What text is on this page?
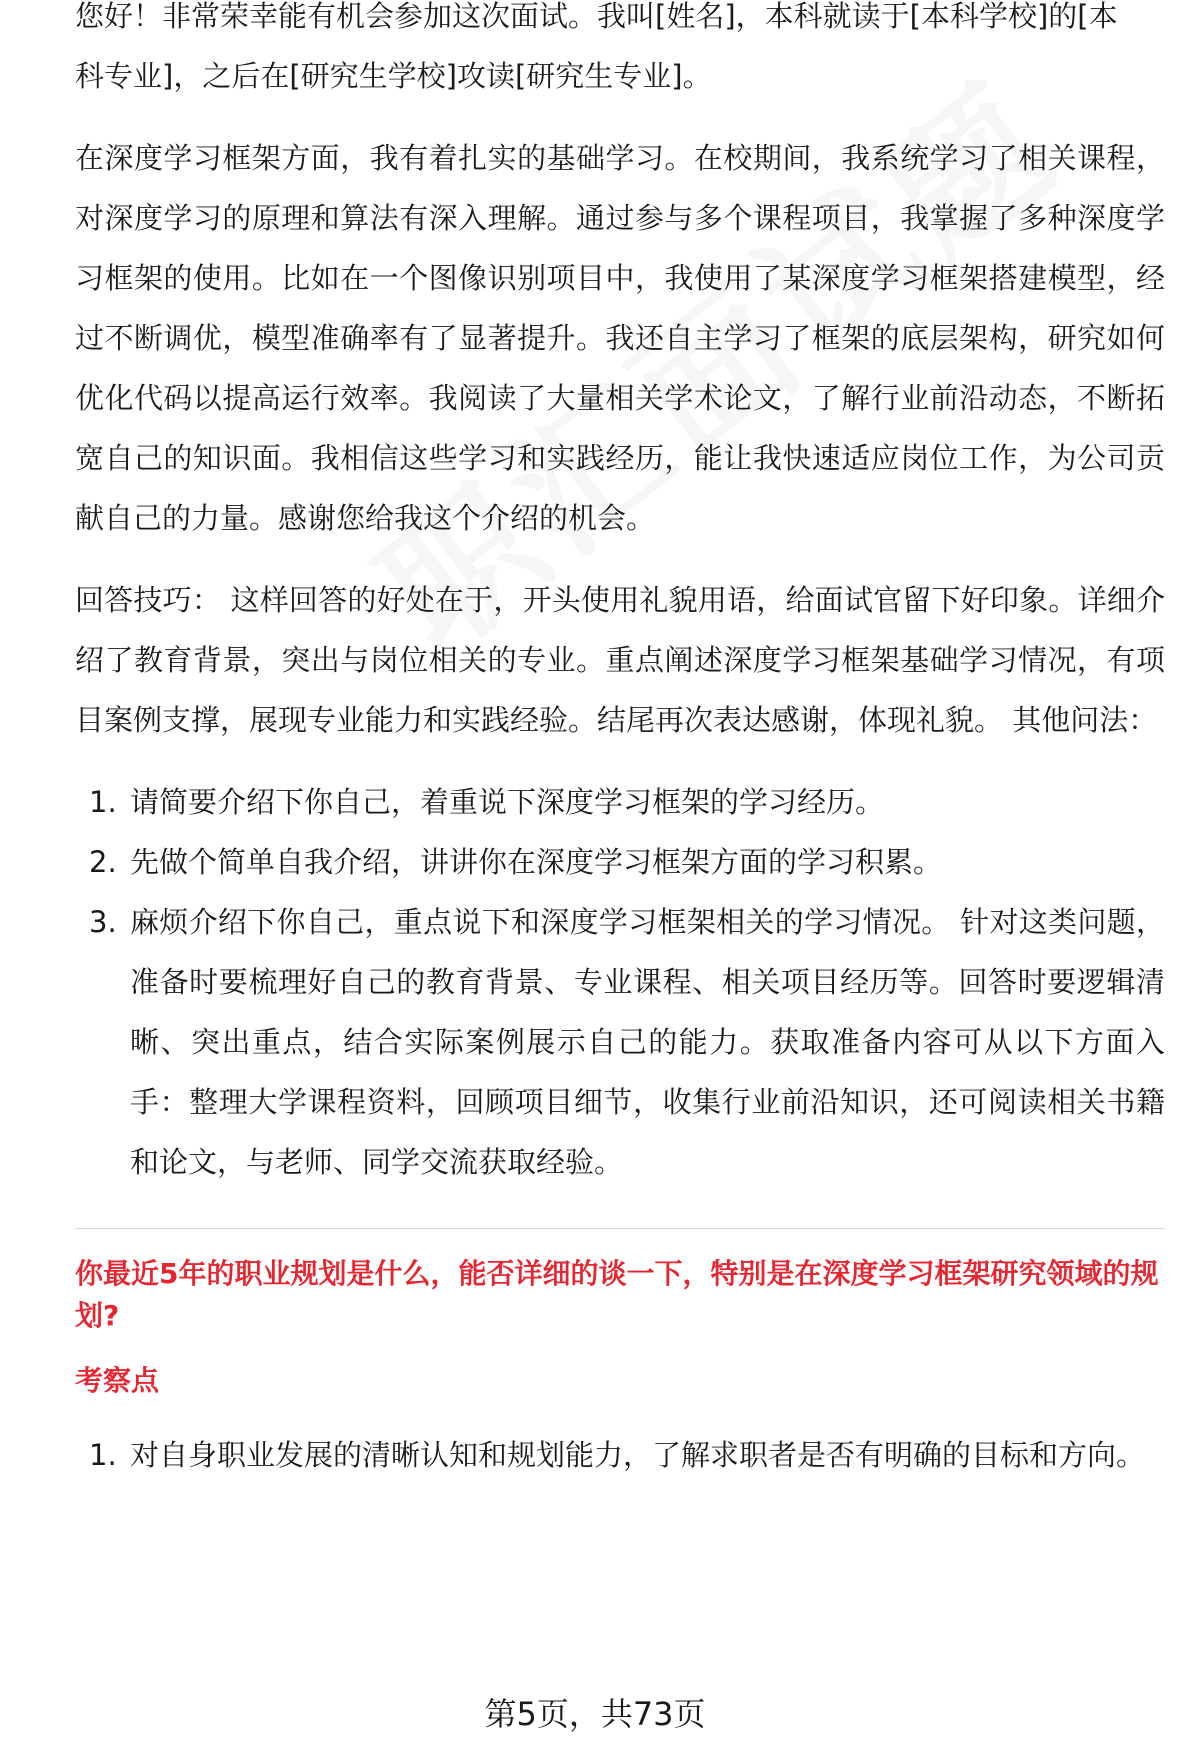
您好！非常荣幸能有机会参加这次面试。我叫[姓名]，本科就读于[本科学校]的[本

科专业]，之后在[研究生学校]攻读[研究生专业]。

在深度学习框架方面，我有着扎实的基础学习。在校期间，我系统学习了相关课程，对深度学习的原理和算法有深入理解。通过参与多个课程项目，我掌握了多种深度学习框架的使用。比如在一个图像识别项目中，我使用了某深度学习框架搭建模型，经过不断调优，模型准确率有了显著提升。我还自主学习了框架的底层架构，研究如何优化代码以提高运行效率。我阅读了大量相关学术论文，了解行业前沿动态，不断拓宽自己的知识面。我相信这些学习和实践经历，能让我快速适应岗位工作，为公司贡献自己的力量。感谢您给我这个介绍的机会。

回答技巧： 这样回答的好处在于，开头使用礼貌用语，给面试官留下好印象。详细介绍了教育背景，突出与岗位相关的专业。重点阐述深度学习框架基础学习情况，有项目案例支撑，展现专业能力和实践经验。结尾再次表达感谢，体现礼貌。 其他问法：

1. 请简要介绍下你自己，着重说下深度学习框架的学习经历。
2. 先做个简单自我介绍，讲讲你在深度学习框架方面的学习积累。
3. 麻烦介绍下你自己，重点说下和深度学习框架相关的学习情况。 针对这类问题，准备时要梳理好自己的教育背景、专业课程、相关项目经历等。回答时要逻辑清晰、突出重点，结合实际案例展示自己的能力。获取准备内容可从以下方面入手：整理大学课程资料，回顾项目细节，收集行业前沿知识，还可阅读相关书籍和论文，与老师、同学交流获取经验。

你最近5年的职业规划是什么，能否详细的谈一下，特别是在深度学习框架研究领域的规划?

考察点

1. 对自身职业发展的清晰认知和规划能力，了解求职者是否有明确的目标和方向。
第5页，共73页
